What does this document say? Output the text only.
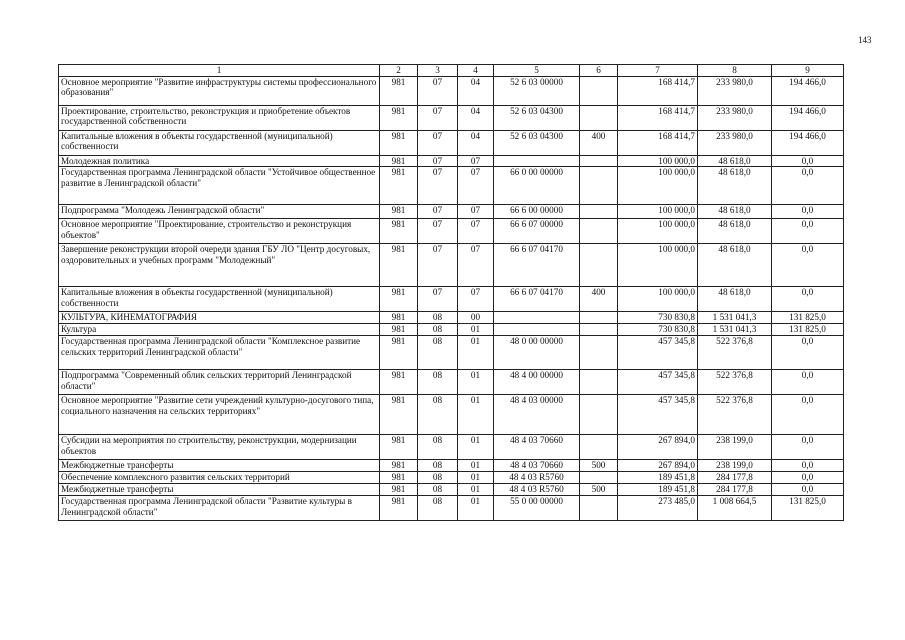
143
1	2	3	4	5	6	7	8	9
Основное мероприятие "Развитие инфраструктуры системы профессионального образования"	981	07	04	52 6 03 00000		168 414,7	233 980,0	194 466,0
Проектирование, строительство, реконструкция и приобретение объектов государственной собственности	981	07	04	52 6 03 04300		168 414,7	233 980,0	194 466,0
Капитальные вложения в объекты государственной (муниципальной) собственности	981	07	04	52 6 03 04300	400	168 414,7	233 980,0	194 466,0
Молодежная политика	981	07	07			100 000,0	48 618,0	0,0
Государственная программа Ленинградской области "Устойчивое общественное развитие в Ленинградской области"	981	07	07	66 0 00 00000		100 000,0	48 618,0	0,0
Подпрограмма "Молодежь Ленинградской области"	981	07	07	66 6 00 00000		100 000,0	48 618,0	0,0
Основное мероприятие "Проектирование, строительство и реконструкция объектов"	981	07	07	66 6 07 00000		100 000,0	48 618,0	0,0
Завершение реконструкции второй очереди здания ГБУ ЛО "Центр досуговых, оздоровительных и учебных программ "Молодежный"	981	07	07	66 6 07 04170		100 000,0	48 618,0	0,0
Капитальные вложения в объекты государственной (муниципальной) собственности	981	07	07	66 6 07 04170	400	100 000,0	48 618,0	0,0
КУЛЬТУРА, КИНЕМАТОГРАФИЯ	981	08	00			730 830,8	1 531 041,3	131 825,0
Культура	981	08	01			730 830,8	1 531 041,3	131 825,0
Государственная программа Ленинградской области "Комплексное развитие сельских территорий Ленинградской области"	981	08	01	48 0 00 00000		457 345,8	522 376,8	0,0
Подпрограмма "Современный облик сельских территорий Ленинградской области"	981	08	01	48 4 00 00000		457 345,8	522 376,8	0,0
Основное мероприятие "Развитие сети учреждений культурно-досугового типа, социального назначения на сельских территориях"	981	08	01	48 4 03 00000		457 345,8	522 376,8	0,0
Субсидии на мероприятия по строительству, реконструкции, модернизации объектов	981	08	01	48 4 03 70660		267 894,0	238 199,0	0,0
Межбюджетные трансферты	981	08	01	48 4 03 70660	500	267 894,0	238 199,0	0,0
Обеспечение комплексного развития сельских территорий	981	08	01	48 4 03 R5760		189 451,8	284 177,8	0,0
Межбюджетные трансферты	981	08	01	48 4 03 R5760	500	189 451,8	284 177,8	0,0
Государственная программа Ленинградской области "Развитие культуры в Ленинградской области"	981	08	01	55 0 00 00000		273 485,0	1 008 664,5	131 825,0
